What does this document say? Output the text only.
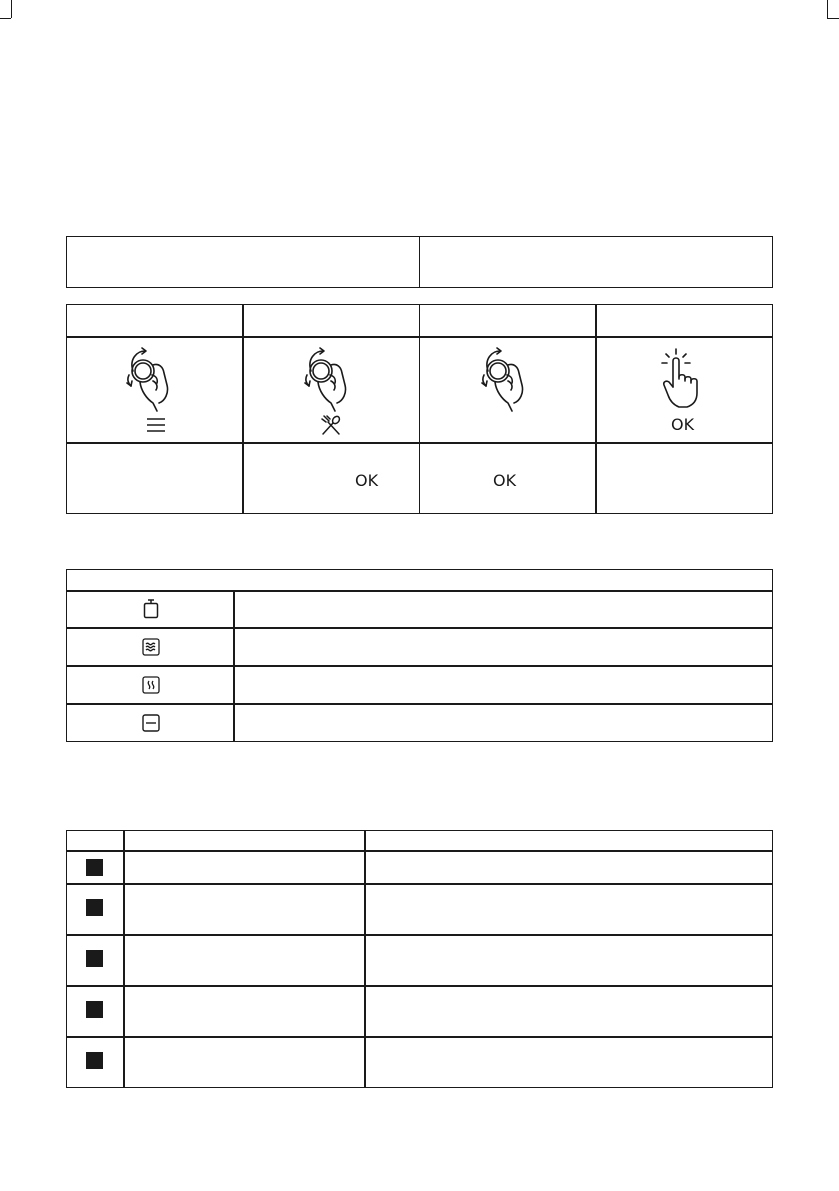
OK
OK	OK
